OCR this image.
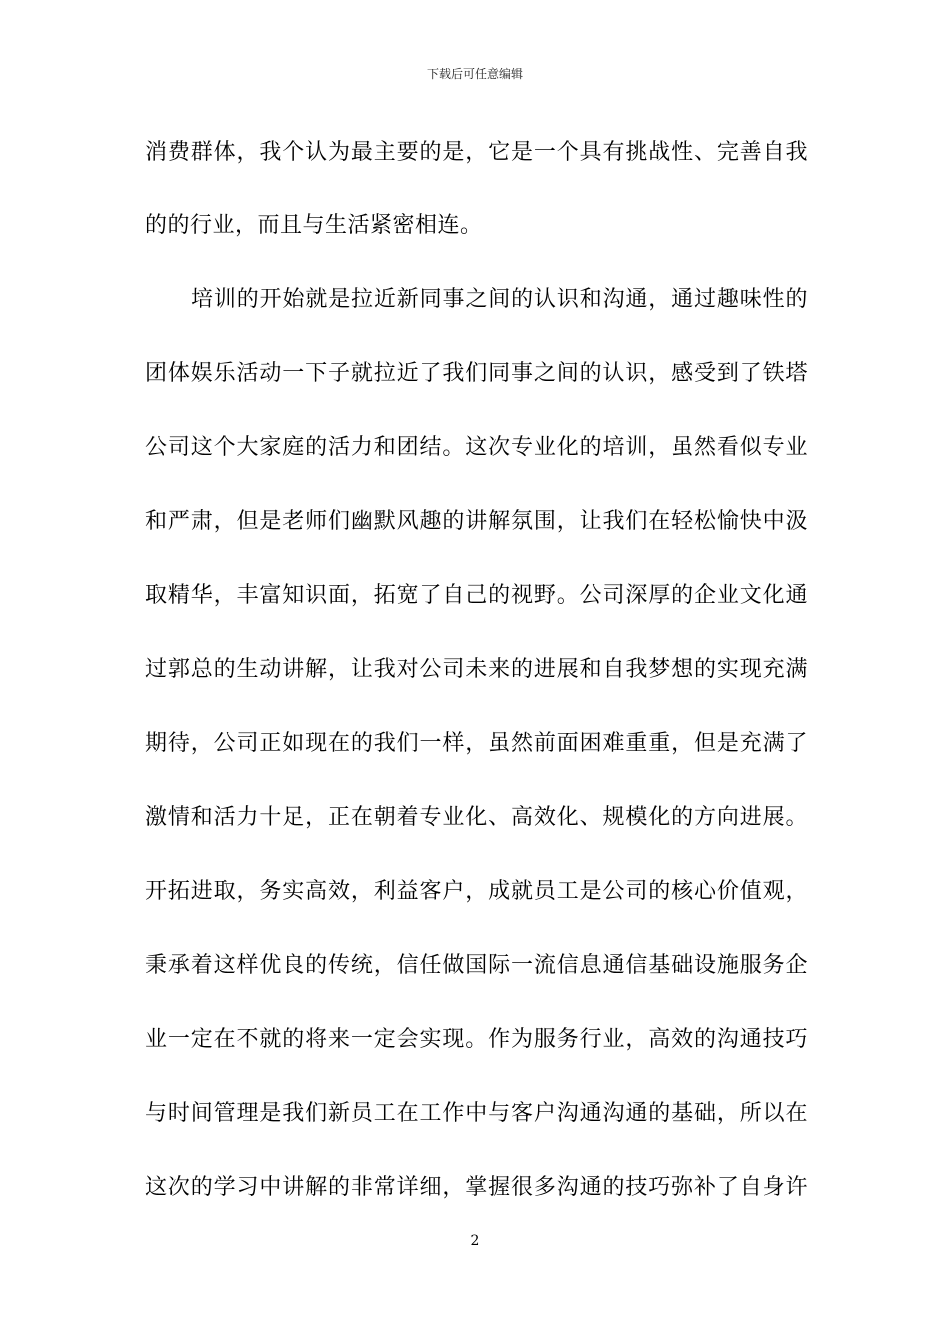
下载后可任意编辑
消费群体，我个认为最主要的是，它是一个具有挑战性、完善自我
的的行业，而且与生活紧密相连。
培训的开始就是拉近新同事之间的认识和沟通，通过趣味性的
团体娱乐活动一下子就拉近了我们同事之间的认识，感受到了铁塔
公司这个大家庭的活力和团结。这次专业化的培训，虽然看似专业
和严肃，但是老师们幽默风趣的讲解氛围，让我们在轻松愉快中汲
取精华，丰富知识面，拓宽了自己的视野。公司深厚的企业文化通
过郭总的生动讲解，让我对公司未来的进展和自我梦想的实现充满
期待，公司正如现在的我们一样，虽然前面困难重重，但是充满了
激情和活力十足，正在朝着专业化、高效化、规模化的方向进展。
开拓进取，务实高效，利益客户，成就员工是公司的核心价值观，
秉承着这样优良的传统，信任做国际一流信息通信基础设施服务企
业一定在不就的将来一定会实现。作为服务行业，高效的沟通技巧
与时间管理是我们新员工在工作中与客户沟通沟通的基础，所以在
这次的学习中讲解的非常详细，掌握很多沟通的技巧弥补了自身许
2
